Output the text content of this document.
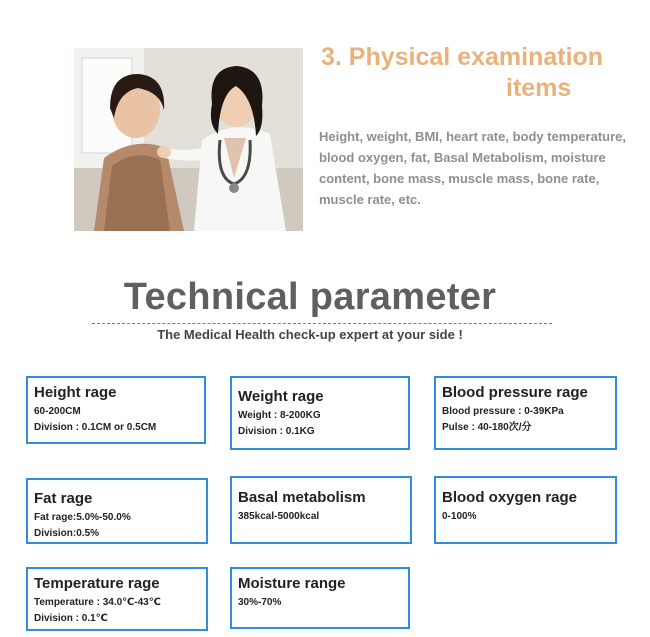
3. Physical examination
items
Height, weight, BMI, heart rate, body temperature,
blood oxygen, fat, Basal Metabolism, moisture
content, bone mass, muscle mass, bone rate,
muscle rate, etc.
Technical parameter
The Medical Health check-up expert at your side !
Height rage
60-200CM
Division : 0.1CM or 0.5CM
Weight rage
Weight : 8-200KG
Division : 0.1KG
Blood pressure rage
Blood pressure : 0-39KPa
Pulse : 40-180次/分
Fat rage
Fat rage:5.0%-50.0%
Division:0.5%
Basal metabolism
385kcal-5000kcal
Blood oxygen rage
0-100%
Temperature rage
Temperature : 34.0℃-43℃
Division : 0.1℃
Moisture range
30%-70%
